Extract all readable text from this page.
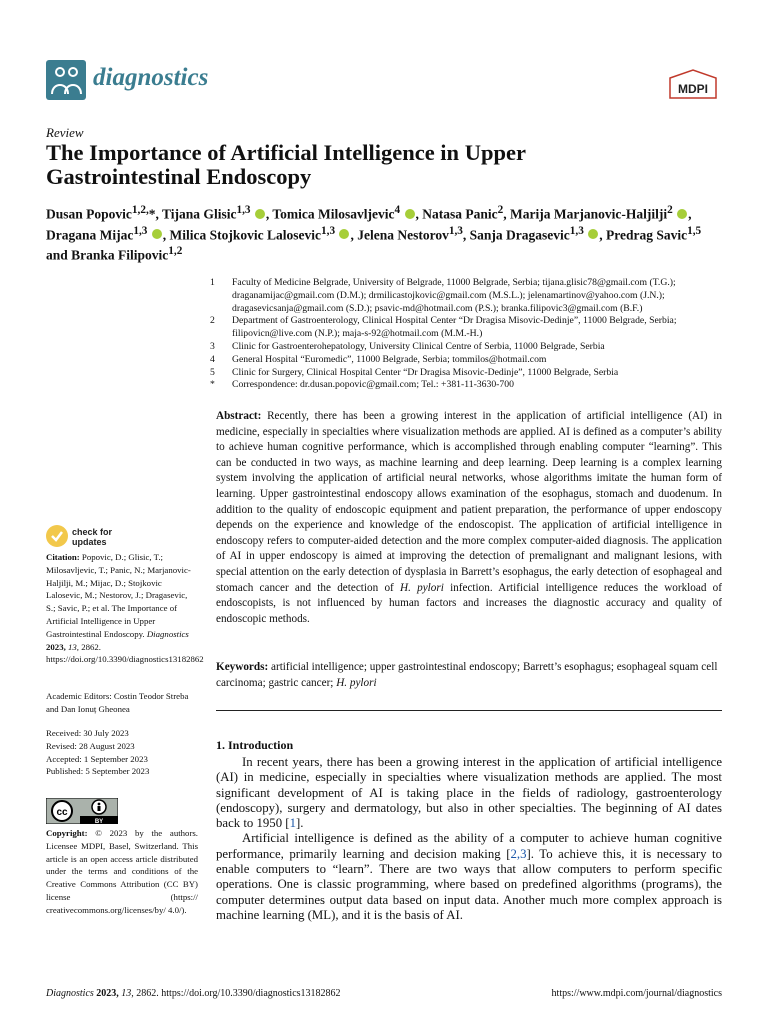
diagnostics	MDPI
Review
The Importance of Artificial Intelligence in Upper
Gastrointestinal Endoscopy
Dusan Popovic$^{1,2,}$*, Tijana Glisic$^{1,3}$ , Tomica Milosavljevic$^4$ , Natasa Panic$^2$, Marija Marjanovic-Haljilji$^2$ , Dragana Mijac$^{1,3}$ , Milica Stojkovic Lalosevic$^{1,3}$ , Jelena Nestorov$^{1,3}$, Sanja Dragasevic$^{1,3}$ , Predrag Savic$^{1,5}$ and Branka Filipovic$^{1,2}$
1	Faculty of Medicine Belgrade, University of Belgrade, 11000 Belgrade, Serbia; tijana.glisic78@gmail.com (T.G.); draganamijac@gmail.com (D.M.); drmilicastojkovic@gmail.com (M.S.L.); jelenamartinov@yahoo.com (J.N.); dragasevicsanja@gmail.com (S.D.); psavic-md@hotmail.com (P.S.); branka.filipovic3@gmail.com (B.F.)
2	Department of Gastroenterology, Clinical Hospital Center “Dr Dragisa Misovic-Dedinje”, 11000 Belgrade, Serbia; filipovicn@live.com (N.P.); maja-s-92@hotmail.com (M.M.-H.)
3	Clinic for Gastroenterohepatology, University Clinical Centre of Serbia, 11000 Belgrade, Serbia
4	General Hospital “Euromedic”, 11000 Belgrade, Serbia; tommilos@hotmail.com
5	Clinic for Surgery, Clinical Hospital Center “Dr Dragisa Misovic-Dedinje”, 11000 Belgrade, Serbia
*	Correspondence: dr.dusan.popovic@gmail.com; Tel.: +381-11-3630-700
Abstract: Recently, there has been a growing interest in the application of artificial intelligence (AI) in medicine, especially in specialties where visualization methods are applied. AI is defined as a computer’s ability to achieve human cognitive performance, which is accomplished through enabling computer “learning”. This can be conducted in two ways, as machine learning and deep learning. Deep learning is a complex learning system involving the application of artificial neural networks, whose algorithms imitate the human form of learning. Upper gastrointestinal endoscopy allows examination of the esophagus, stomach and duodenum. In addition to the quality of endoscopic equipment and patient preparation, the performance of upper endoscopy depends on the experience and knowledge of the endoscopist. The application of artificial intelligence in endoscopy refers to computer-aided detection and the more complex computer-aided diagnosis. The application of AI in upper endoscopy is aimed at improving the detection of premalignant and malignant lesions, with special attention on the early detection of dysplasia in Barrett’s esophagus, the early detection of esophageal and stomach cancer and the detection of H. pylori infection. Artificial intelligence reduces the workload of endoscopists, is not influenced by human factors and increases the diagnostic accuracy and quality of endoscopic methods.
Keywords: artificial intelligence; upper gastrointestinal endoscopy; Barrett’s esophagus; esophageal squam cell carcinoma; gastric cancer; H. pylori
1. Introduction

In recent years, there has been a growing interest in the application of artificial intelligence (AI) in medicine, especially in specialties where visualization methods are applied. The most significant development of AI is taking place in the fields of radiology, gastroenterology (endoscopy), surgery and dermatology, but also in other specialties. The beginning of AI dates back to 1950 [1].

Artificial intelligence is defined as the ability of a computer to achieve human cognitive performance, primarily learning and decision making [2,3]. To achieve this, it is necessary to enable computers to “learn”. There are two ways that allow computers to perform specific operations. One is classic programming, where based on predefined algorithms (programs), the computer determines output data based on input data. Another much more complex approach is machine learning (ML), and it is the basis of AI.

check for
updates
Citation: Popovic, D.; Glisic, T.; Milosavljevic, T.; Panic, N.; Marjanovic-Haljilji, M.; Mijac, D.; Stojkovic Lalosevic, M.; Nestorov, J.; Dragasevic, S.; Savic, P.; et al. The Importance of Artificial Intelligence in Upper Gastrointestinal Endoscopy. Diagnostics 2023, 13, 2862. https://doi.org/10.3390/diagnostics13182862
Academic Editors: Costin Teodor Streba and Dan Ionuț Gheonea
Received: 30 July 2023
Revised: 28 August 2023
Accepted: 1 September 2023
Published: 5 September 2023
cc
BY
Copyright: © 2023 by the authors. Licensee MDPI, Basel, Switzerland. This article is an open access article distributed under the terms and conditions of the Creative Commons Attribution (CC BY) license (https:// creativecommons.org/licenses/by/ 4.0/).
Diagnostics 2023, 13, 2862. https://doi.org/10.3390/diagnostics13182862	https://www.mdpi.com/journal/diagnostics
